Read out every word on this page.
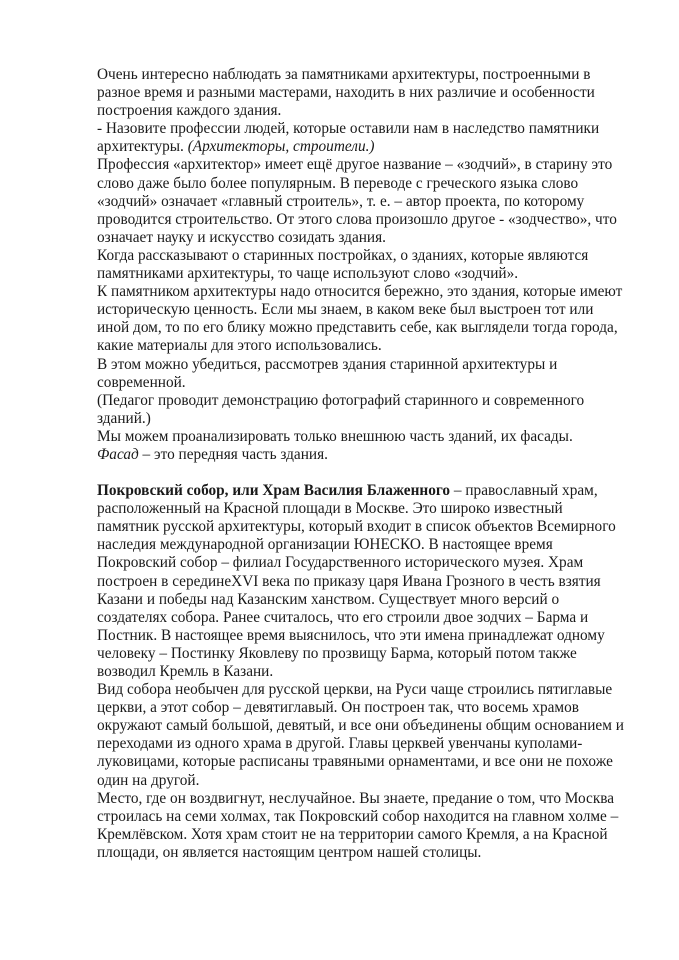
Очень интересно наблюдать за памятниками архитектуры, построенными в разное время и разными мастерами, находить в них различие и особенности построения каждого здания.

- Назовите профессии людей, которые оставили нам в наследство памятники архитектуры. (Архитекторы, строители.)

Профессия «архитектор» имеет ещё другое название – «зодчий», в старину это слово даже было более популярным. В переводе с греческого языка слово «зодчий» означает «главный строитель», т. е. – автор проекта, по которому проводится строительство. От этого слова произошло другое - «зодчество», что означает науку и искусство созидать здания.

Когда рассказывают о старинных постройках, о зданиях, которые являются памятниками архитектуры, то чаще используют слово «зодчий».

К памятником архитектуры надо относится бережно, это здания, которые имеют историческую ценность. Если мы знаем, в каком веке был выстроен тот или иной дом, то по его блику можно представить себе, как выглядели тогда города, какие материалы для этого использовались.

В этом можно убедиться, рассмотрев здания старинной архитектуры и современной.

(Педагог проводит демонстрацию фотографий старинного и современного зданий.)

Мы можем проанализировать только внешнюю часть зданий, их фасады.

Фасад – это передняя часть здания.

Покровский собор, или Храм Василия Блаженного – православный храм, расположенный на Красной площади в Москве. Это широко известный памятник русской архитектуры, который входит в список объектов Всемирного наследия международной организации ЮНЕСКО. В настоящее время Покровский собор – филиал Государственного исторического музея. Храм построен в серединеXVI века по приказу царя Ивана Грозного в честь взятия Казани и победы над Казанским ханством. Существует много версий о создателях собора. Ранее считалось, что его строили двое зодчих – Барма и Постник. В настоящее время выяснилось, что эти имена принадлежат одному человеку – Постинку Яковлеву по прозвищу Барма, который потом также возводил Кремль в Казани.

Вид собора необычен для русской церкви, на Руси чаще строились пятиглавые церкви, а этот собор – девятиглавый. Он построен так, что восемь храмов окружают самый большой, девятый, и все они объединены общим основанием и переходами из одного храма в другой. Главы церквей увенчаны куполами-луковицами, которые расписаны травяными орнаментами, и все они не похоже один на другой.

Место, где он воздвигнут, неслучайное. Вы знаете, предание о том, что Москва строилась на семи холмах, так Покровский собор находится на главном холме – Кремлёвском. Хотя храм стоит не на территории самого Кремля, а на Красной площади, он является настоящим центром нашей столицы.
